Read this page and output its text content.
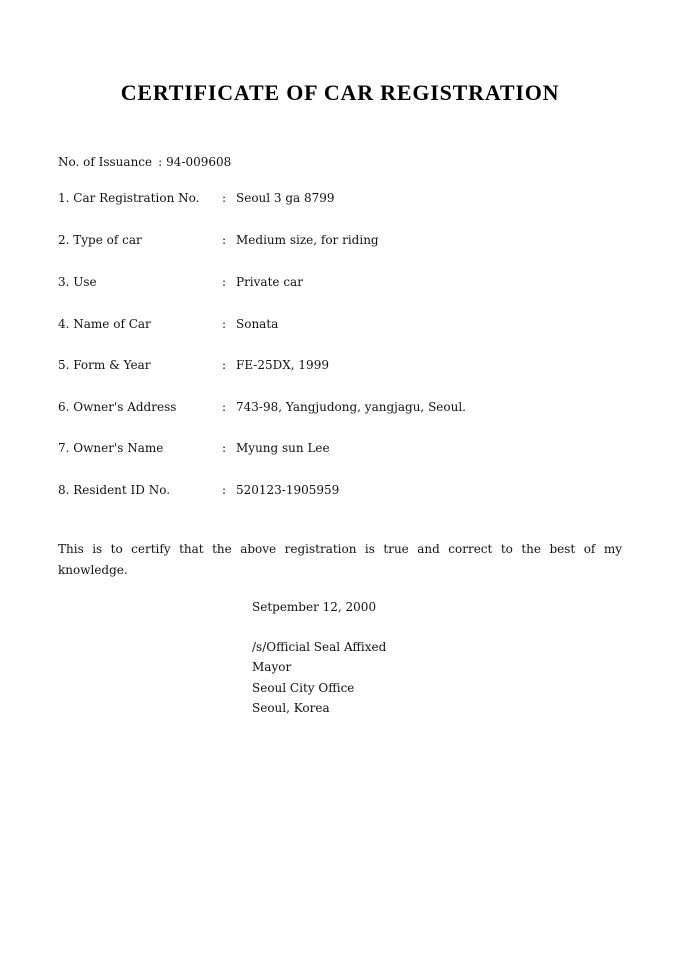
CERTIFICATE OF CAR REGISTRATION
No. of Issuance : 94-009608
1. Car Registration No. : Seoul 3 ga 8799
2. Type of car	: Medium size, for riding
3. Use	: Private car
4. Name of Car	: Sonata
5. Form & Year	: FE-25DX, 1999
6. Owner's Address	: 743-98, Yangjudong, yangjagu, Seoul.
7. Owner's Name	: Myung sun Lee
8. Resident ID No.	: 520123-1905959
This is to certify that the above registration is true and correct to the best of my knowledge.
Setpember 12, 2000
/s/Official Seal Affixed
Mayor
Seoul City Office
Seoul, Korea
